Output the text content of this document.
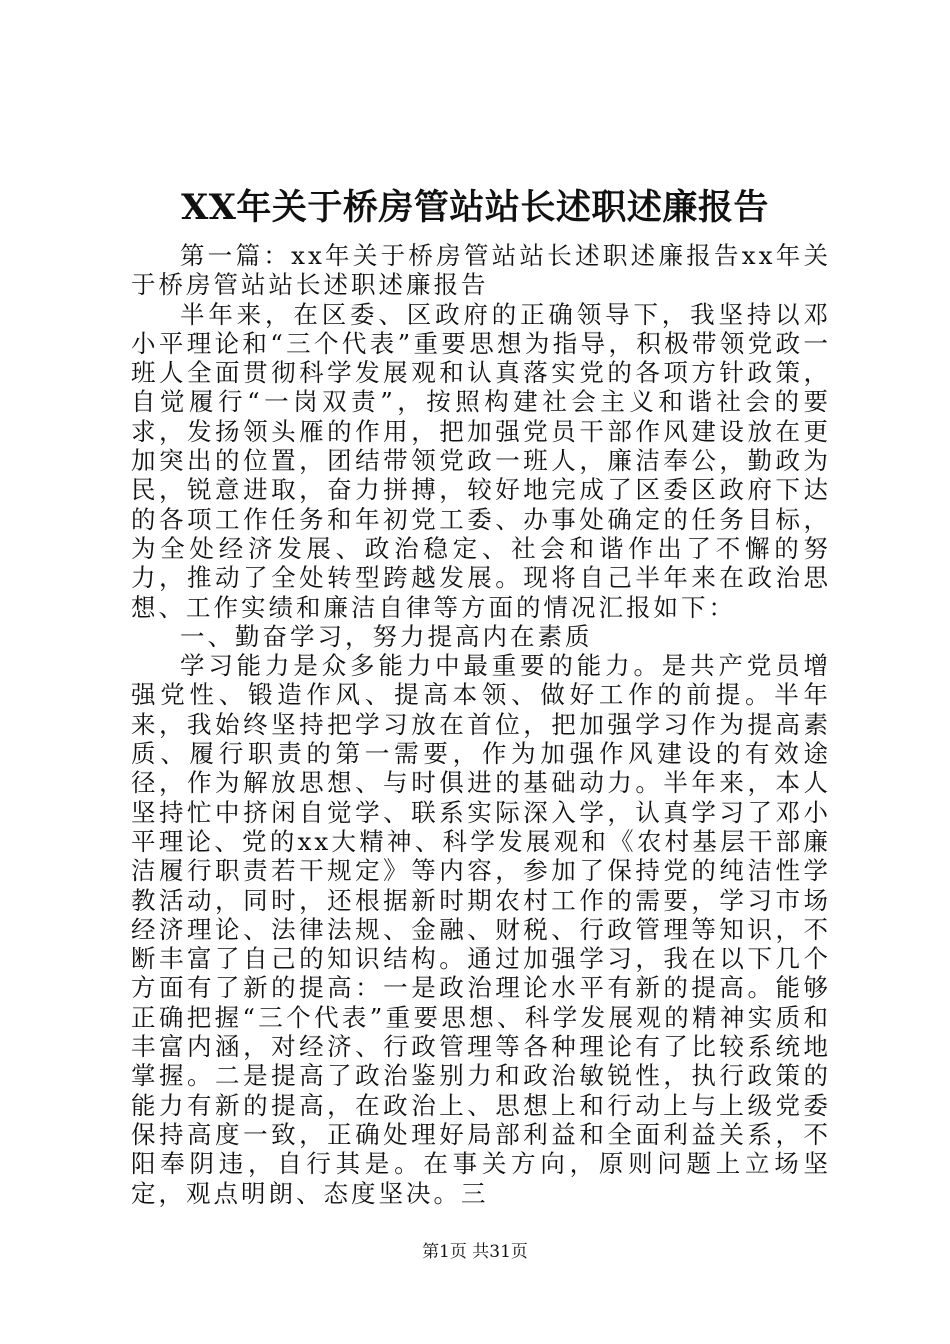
XX年关于桥房管站站长述职述廉报告

第一篇：xx年关于桥房管站站长述职述廉报告xx年关于桥房管站站长述职述廉报告

半年来，在区委、区政府的正确领导下，我坚持以邓小平理论和“三个代表”重要思想为指导，积极带领党政一班人全面贯彻科学发展观和认真落实党的各项方针政策，自觉履行“一岗双责”，按照构建社会主义和谐社会的要求，发扬领头雁的作用，把加强党员干部作风建设放在更加突出的位置，团结带领党政一班人，廉洁奉公，勤政为民，锐意进取，奋力拼搏，较好地完成了区委区政府下达的各项工作任务和年初党工委、办事处确定的任务目标，为全处经济发展、政治稳定、社会和谐作出了不懈的努力，推动了全处转型跨越发展。现将自己半年来在政治思想、工作实绩和廉洁自律等方面的情况汇报如下：

一、勤奋学习，努力提高内在素质

学习能力是众多能力中最重要的能力。是共产党员增强党性、锻造作风、提高本领、做好工作的前提。半年来，我始终坚持把学习放在首位，把加强学习作为提高素质、履行职责的第一需要，作为加强作风建设的有效途径，作为解放思想、与时俱进的基础动力。半年来，本人坚持忙中挤闲自觉学、联系实际深入学，认真学习了邓小平理论、党的xx大精神、科学发展观和《农村基层干部廉洁履行职责若干规定》等内容，参加了保持党的纯洁性学教活动，同时，还根据新时期农村工作的需要，学习市场经济理论、法律法规、金融、财税、行政管理等知识，不断丰富了自己的知识结构。通过加强学习，我在以下几个方面有了新的提高：一是政治理论水平有新的提高。能够正确把握“三个代表”重要思想、科学发展观的精神实质和丰富内涵，对经济、行政管理等各种理论有了比较系统地掌握。二是提高了政治鉴别力和政治敏锐性，执行政策的能力有新的提高，在政治上、思想上和行动上与上级党委保持高度一致，正确处理好局部利益和全面利益关系，不阳奉阴违，自行其是。在事关方向，原则问题上立场坚定，观点明朗、态度坚决。三

第1页 共31页
